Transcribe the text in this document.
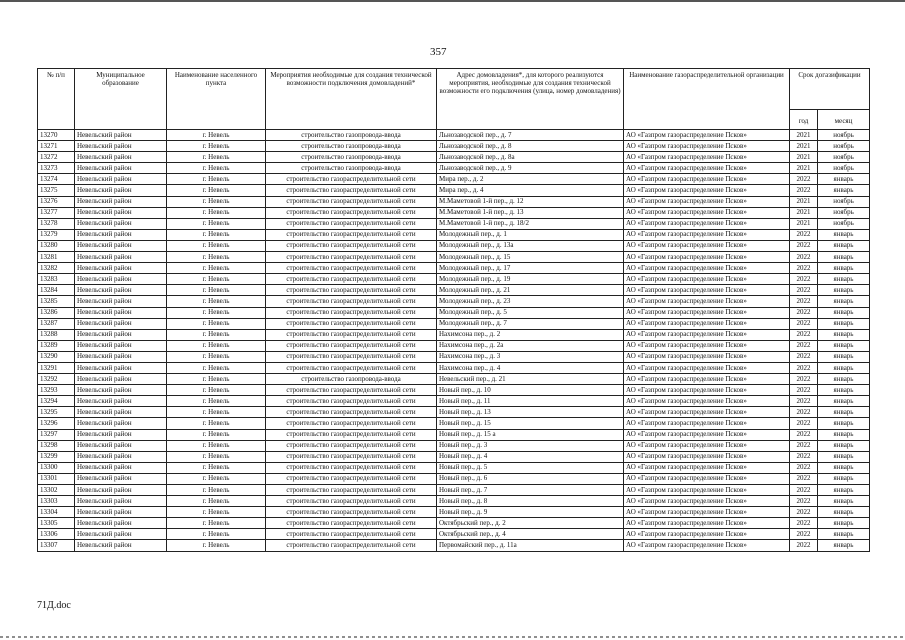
357
№ п/п	Муниципальное образование	Наименование населенного пункта	Мероприятия необходимые для создания технической возможности подключения домовладений*	Адрес домовладения*, для которого реализуются мероприятия, необходимые для создания технической возможности его подключения (улица, номер домовладения)	Наименование газораспределительной организации	Срок догазификации	
						год	месяц
13270	Невельский район	г. Невель	строительство газопровода-ввода	Льнозаводской пер., д. 7	АО «Газпром газораспределение Псков»	2021	ноябрь
13271	Невельский район	г. Невель	строительство газопровода-ввода	Льнозаводской пер., д. 8	АО «Газпром газораспределение Псков»	2021	ноябрь
13272	Невельский район	г. Невель	строительство газопровода-ввода	Льнозаводской пер., д. 8а	АО «Газпром газораспределение Псков»	2021	ноябрь
13273	Невельский район	г. Невель	строительство газопровода-ввода	Льнозаводской пер., д. 9	АО «Газпром газораспределение Псков»	2021	ноябрь
13274	Невельский район	г. Невель	строительство газораспределительной сети	Мира пер., д. 2	АО «Газпром газораспределение Псков»	2022	январь
13275	Невельский район	г. Невель	строительство газораспределительной сети	Мира пер., д. 4	АО «Газпром газораспределение Псков»	2022	январь
13276	Невельский район	г. Невель	строительство газораспределительной сети	М.Маметовой 1-й пер., д. 12	АО «Газпром газораспределение Псков»	2021	ноябрь
13277	Невельский район	г. Невель	строительство газораспределительной сети	М.Маметовой 1-й пер., д. 13	АО «Газпром газораспределение Псков»	2021	ноябрь
13278	Невельский район	г. Невель	строительство газораспределительной сети	М.Маметовой 1-й пер., д. 18/2	АО «Газпром газораспределение Псков»	2021	ноябрь
13279	Невельский район	г. Невель	строительство газораспределительной сети	Молодежный пер., д. 1	АО «Газпром газораспределение Псков»	2022	январь
13280	Невельский район	г. Невель	строительство газораспределительной сети	Молодежный пер., д. 13а	АО «Газпром газораспределение Псков»	2022	январь
13281	Невельский район	г. Невель	строительство газораспределительной сети	Молодежный пер., д. 15	АО «Газпром газораспределение Псков»	2022	январь
13282	Невельский район	г. Невель	строительство газораспределительной сети	Молодежный пер., д. 17	АО «Газпром газораспределение Псков»	2022	январь
13283	Невельский район	г. Невель	строительство газораспределительной сети	Молодежный пер., д. 19	АО «Газпром газораспределение Псков»	2022	январь
13284	Невельский район	г. Невель	строительство газораспределительной сети	Молодежный пер., д. 21	АО «Газпром газораспределение Псков»	2022	январь
13285	Невельский район	г. Невель	строительство газораспределительной сети	Молодежный пер., д. 23	АО «Газпром газораспределение Псков»	2022	январь
13286	Невельский район	г. Невель	строительство газораспределительной сети	Молодежный пер., д. 5	АО «Газпром газораспределение Псков»	2022	январь
13287	Невельский район	г. Невель	строительство газораспределительной сети	Молодежный пер., д. 7	АО «Газпром газораспределение Псков»	2022	январь
13288	Невельский район	г. Невель	строительство газораспределительной сети	Нахимсона пер., д. 2	АО «Газпром газораспределение Псков»	2022	январь
13289	Невельский район	г. Невель	строительство газораспределительной сети	Нахимсона пер., д. 2а	АО «Газпром газораспределение Псков»	2022	январь
13290	Невельский район	г. Невель	строительство газораспределительной сети	Нахимсона пер., д. 3	АО «Газпром газораспределение Псков»	2022	январь
13291	Невельский район	г. Невель	строительство газораспределительной сети	Нахимсона пер., д. 4	АО «Газпром газораспределение Псков»	2022	январь
13292	Невельский район	г. Невель	строительство газопровода-ввода	Невельский пер., д. 21	АО «Газпром газораспределение Псков»	2022	январь
13293	Невельский район	г. Невель	строительство газораспределительной сети	Новый пер., д. 10	АО «Газпром газораспределение Псков»	2022	январь
13294	Невельский район	г. Невель	строительство газораспределительной сети	Новый пер., д. 11	АО «Газпром газораспределение Псков»	2022	январь
13295	Невельский район	г. Невель	строительство газораспределительной сети	Новый пер., д. 13	АО «Газпром газораспределение Псков»	2022	январь
13296	Невельский район	г. Невель	строительство газораспределительной сети	Новый пер., д. 15	АО «Газпром газораспределение Псков»	2022	январь
13297	Невельский район	г. Невель	строительство газораспределительной сети	Новый пер., д. 15 а	АО «Газпром газораспределение Псков»	2022	январь
13298	Невельский район	г. Невель	строительство газораспределительной сети	Новый пер., д. 3	АО «Газпром газораспределение Псков»	2022	январь
13299	Невельский район	г. Невель	строительство газораспределительной сети	Новый пер., д. 4	АО «Газпром газораспределение Псков»	2022	январь
13300	Невельский район	г. Невель	строительство газораспределительной сети	Новый пер., д. 5	АО «Газпром газораспределение Псков»	2022	январь
13301	Невельский район	г. Невель	строительство газораспределительной сети	Новый пер., д. 6	АО «Газпром газораспределение Псков»	2022	январь
13302	Невельский район	г. Невель	строительство газораспределительной сети	Новый пер., д. 7	АО «Газпром газораспределение Псков»	2022	январь
13303	Невельский район	г. Невель	строительство газораспределительной сети	Новый пер., д. 8	АО «Газпром газораспределение Псков»	2022	январь
13304	Невельский район	г. Невель	строительство газораспределительной сети	Новый пер., д. 9	АО «Газпром газораспределение Псков»	2022	январь
13305	Невельский район	г. Невель	строительство газораспределительной сети	Октябрьский пер., д. 2	АО «Газпром газораспределение Псков»	2022	январь
13306	Невельский район	г. Невель	строительство газораспределительной сети	Октябрьский пер., д. 4	АО «Газпром газораспределение Псков»	2022	январь
13307	Невельский район	г. Невель	строительство газораспределительной сети	Первомайский пер., д. 11а	АО «Газпром газораспределение Псков»	2022	январь
71Д.doc
